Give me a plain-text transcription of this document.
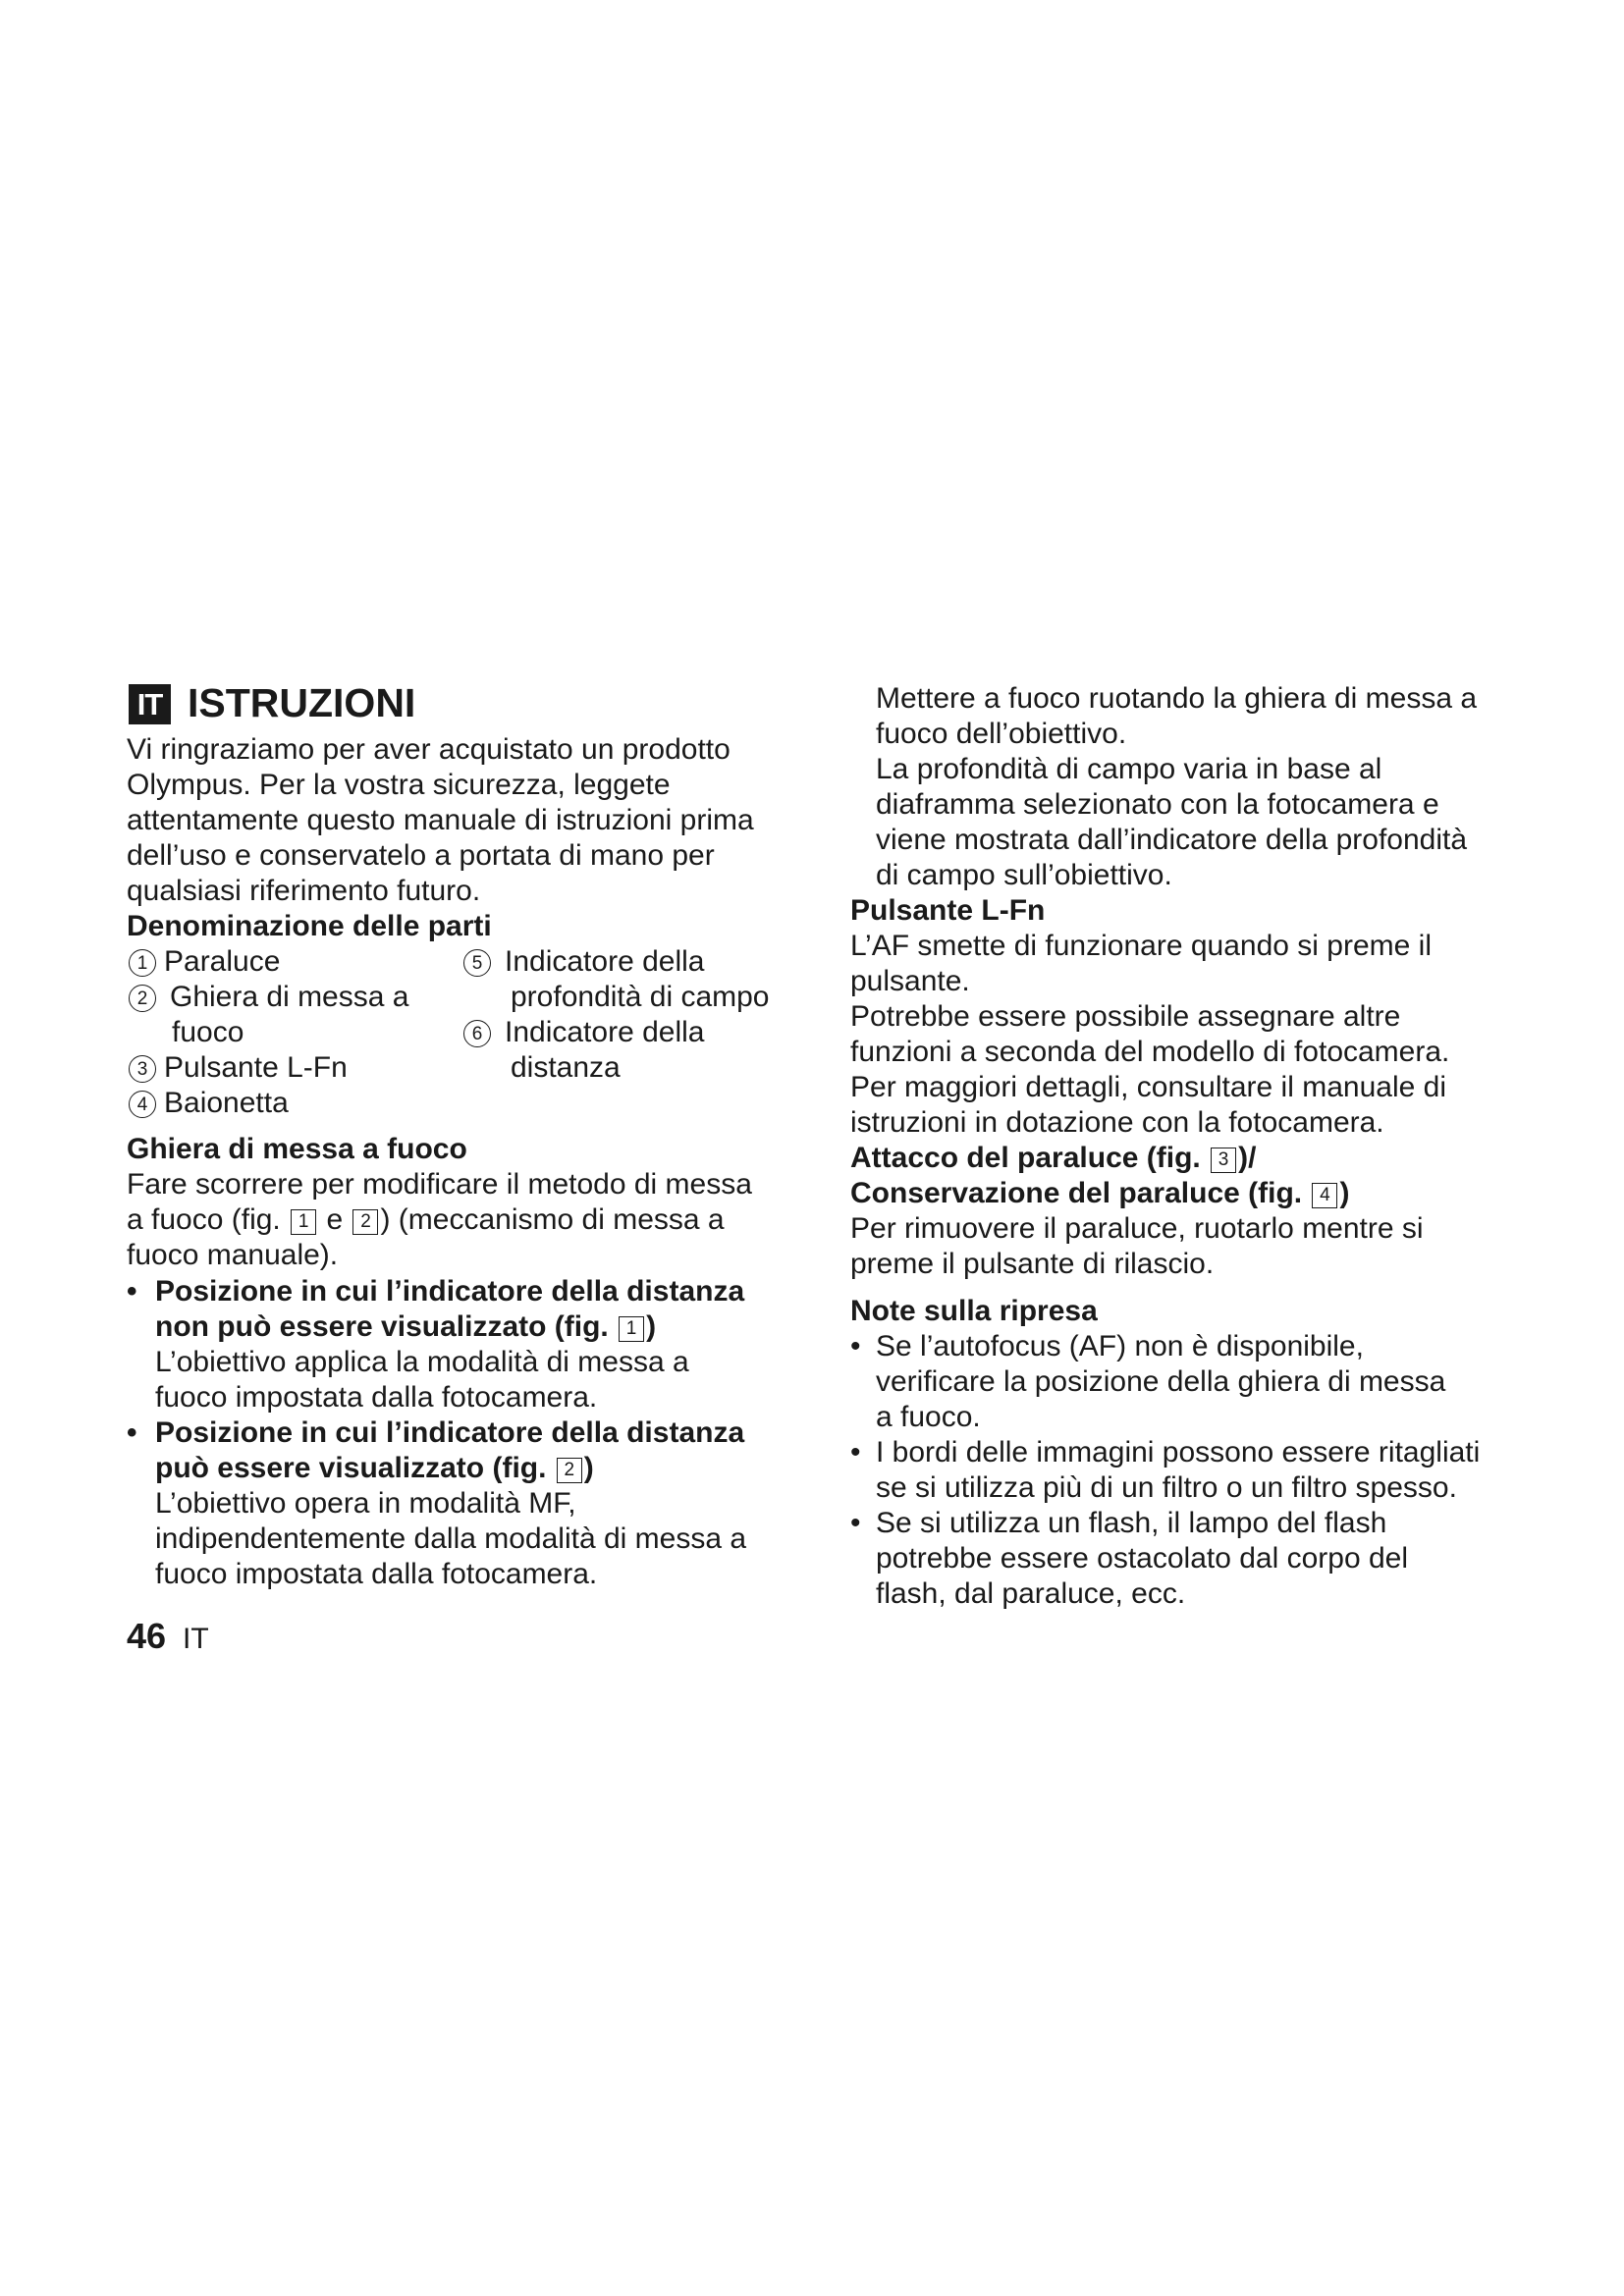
IT ISTRUZIONI
Vi ringraziamo per aver acquistato un prodotto
Olympus. Per la vostra sicurezza, leggete
attentamente questo manuale di istruzioni prima
dell’uso e conservatelo a portata di mano per
qualsiasi riferimento futuro.
Denominazione delle parti
1 Paraluce
2 Ghiera di messa a
fuoco
3 Pulsante L-Fn
4 Baionetta
5 Indicatore della
profondità di campo
6 Indicatore della
distanza
Ghiera di messa a fuoco
Fare scorrere per modificare il metodo di messa
a fuoco (fig. 1 e 2 ) (meccanismo di messa a
fuoco manuale).
• Posizione in cui l’indicatore della distanza
non può essere visualizzato (fig. 1 )
L’obiettivo applica la modalità di messa a
fuoco impostata dalla fotocamera.
• Posizione in cui l’indicatore della distanza
può essere visualizzato (fig. 2 )
L’obiettivo opera in modalità MF,
indipendentemente dalla modalità di messa a
fuoco impostata dalla fotocamera.
46 IT
Mettere a fuoco ruotando la ghiera di messa a
fuoco dell’obiettivo.
La profondità di campo varia in base al
diaframma selezionato con la fotocamera e
viene mostrata dall’indicatore della profondità
di campo sull’obiettivo.
Pulsante L-Fn
L’AF smette di funzionare quando si preme il
pulsante.
Potrebbe essere possibile assegnare altre
funzioni a seconda del modello di fotocamera.
Per maggiori dettagli, consultare il manuale di
istruzioni in dotazione con la fotocamera.
Attacco del paraluce (fig. 3 )/
Conservazione del paraluce (fig. 4 )
Per rimuovere il paraluce, ruotarlo mentre si
preme il pulsante di rilascio.
Note sulla ripresa
• Se l’autofocus (AF) non è disponibile,
verificare la posizione della ghiera di messa
a fuoco.
• I bordi delle immagini possono essere ritagliati
se si utilizza più di un filtro o un filtro spesso.
• Se si utilizza un flash, il lampo del flash
potrebbe essere ostacolato dal corpo del
flash, dal paraluce, ecc.
